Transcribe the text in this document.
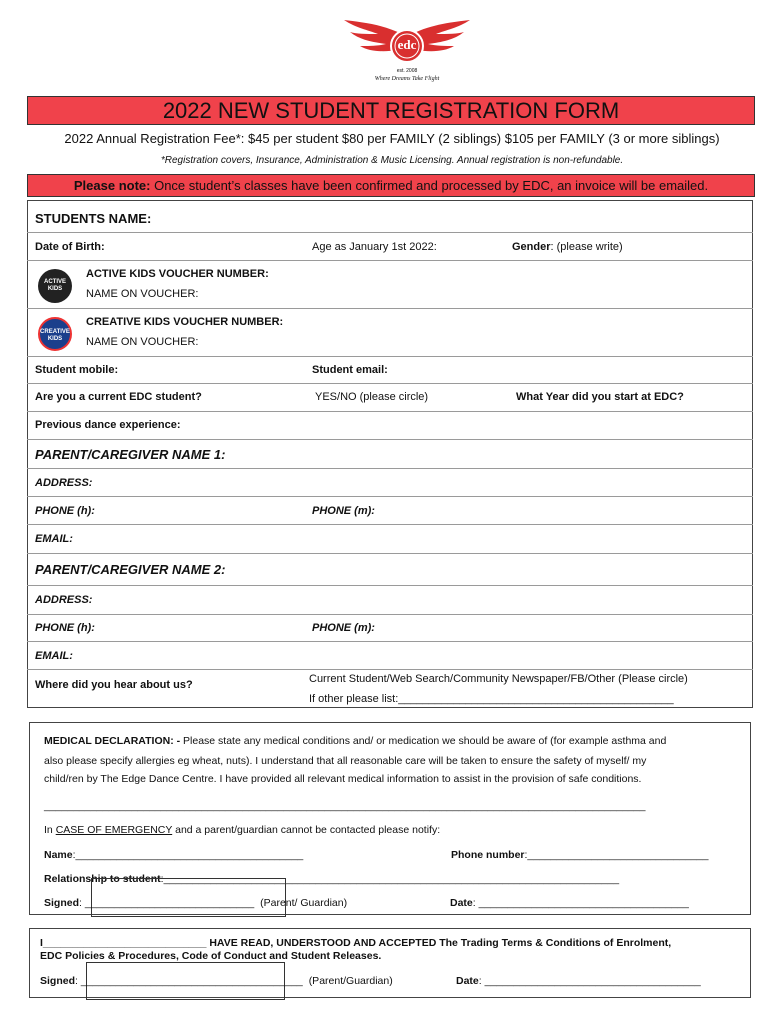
edc
est. 2008
Where Dreams Take Flight
2022 NEW STUDENT REGISTRATION FORM
2022 Annual Registration Fee*: $45 per student $80 per FAMILY (2 siblings) $105 per FAMILY (3 or more siblings)
*Registration covers, Insurance, Administration & Music Licensing. Annual registration is non-refundable.
Please note: Once student’s classes have been confirmed and processed by EDC, an invoice will be emailed.
STUDENTS NAME:
Date of Birth:	Age as January 1st 2022:	Gender: (please write)
ACTIVE KIDS
ACTIVE KIDS VOUCHER NUMBER:
NAME ON VOUCHER:
CREATIVE KIDS
CREATIVE KIDS VOUCHER NUMBER:
NAME ON VOUCHER:
Student mobile:	Student email:
Are you a current EDC student?	YES/NO (please circle)	What Year did you start at EDC?
Previous dance experience:
PARENT/CAREGIVER NAME 1:
ADDRESS:
PHONE (h):	PHONE (m):
EMAIL:
PARENT/CAREGIVER NAME 2:
ADDRESS:
PHONE (h):	PHONE (m):
EMAIL:
Where did you hear about us?	Current Student/Web Search/Community Newspaper/FB/Other (Please circle)
If other please list:_____________________________________________
MEDICAL DECLARATION: - Please state any medical conditions and/ or medication we should be aware of (for example asthma and
also please specify allergies eg wheat, nuts). I understand that all reasonable care will be taken to ensure the safety of myself/ my
child/ren by The Edge Dance Centre. I have provided all relevant medical information to assist in the provision of safe conditions.
_______________________________________________________________________________________________________
In CASE OF EMERGENCY and a parent/guardian cannot be contacted please notify:
Name:_______________________________________	Phone number:_______________________________
Relationship to student:______________________________________________________________________________
Signed: _____________________________ (Parent/ Guardian)	Date: ____________________________________
I____________________________ HAVE READ, UNDERSTOOD AND ACCEPTED The Trading Terms & Conditions of Enrolment,
EDC Policies & Procedures, Code of Conduct and Student Releases.
Signed: ______________________________________ (Parent/Guardian)	Date: _____________________________________
